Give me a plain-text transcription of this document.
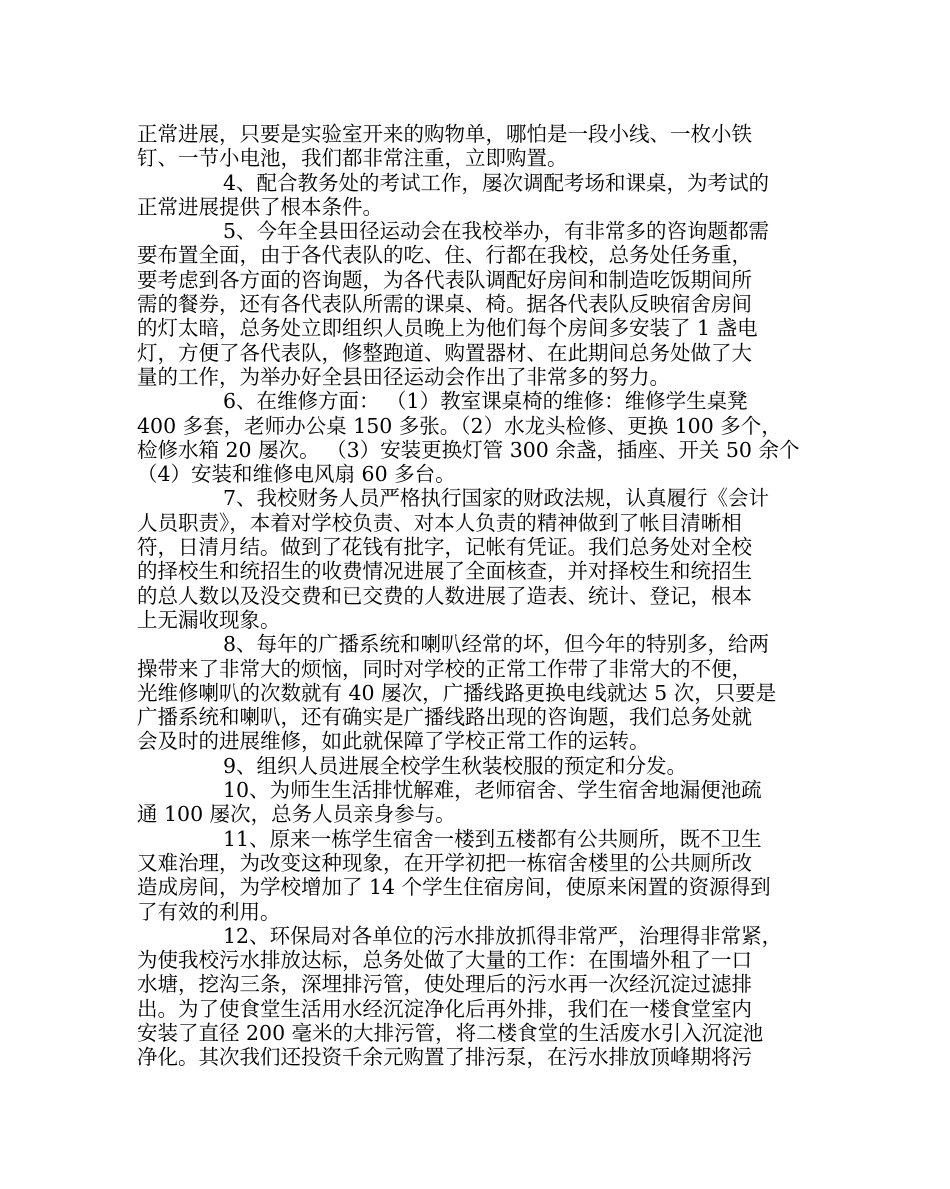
正常进展，只要是实验室开来的购物单，哪怕是一段小线、一枚小铁
钉、一节小电池，我们都非常注重，立即购置。
4、配合教务处的考试工作，屡次调配考场和课桌，为考试的
正常进展提供了根本条件。
5、今年全县田径运动会在我校举办，有非常多的咨询题都需
要布置全面，由于各代表队的吃、住、行都在我校，总务处任务重，
要考虑到各方面的咨询题，为各代表队调配好房间和制造吃饭期间所
需的餐券，还有各代表队所需的课桌、椅。据各代表队反映宿舍房间
的灯太暗，总务处立即组织人员晚上为他们每个房间多安装了 1 盏电
灯，方便了各代表队，修整跑道、购置器材、在此期间总务处做了大
量的工作，为举办好全县田径运动会作出了非常多的努力。
6、在维修方面： （1）教室课桌椅的维修：维修学生桌凳
400 多套，老师办公桌 150 多张。（2）水龙头检修、更换 100 多个，
检修水箱 20 屡次。 （3）安装更换灯管 300 余盏，插座、开关 50 余个
（4）安装和维修电风扇 60 多台。
7、我校财务人员严格执行国家的财政法规，认真履行《会计
人员职责》，本着对学校负责、对本人负责的精神做到了帐目清晰相
符，日清月结。做到了花钱有批字，记帐有凭证。我们总务处对全校
的择校生和统招生的收费情况进展了全面核查，并对择校生和统招生
的总人数以及没交费和已交费的人数进展了造表、统计、登记，根本
上无漏收现象。
8、每年的广播系统和喇叭经常的坏，但今年的特别多，给两
操带来了非常大的烦恼，同时对学校的正常工作带了非常大的不便，
光维修喇叭的次数就有 40 屡次，广播线路更换电线就达 5 次，只要是
广播系统和喇叭，还有确实是广播线路出现的咨询题，我们总务处就
会及时的进展维修，如此就保障了学校正常工作的运转。
9、组织人员进展全校学生秋装校服的预定和分发。
10、为师生生活排忧解难，老师宿舍、学生宿舍地漏便池疏
通 100 屡次，总务人员亲身参与。
11、原来一栋学生宿舍一楼到五楼都有公共厕所，既不卫生
又难治理，为改变这种现象，在开学初把一栋宿舍楼里的公共厕所改
造成房间，为学校增加了 14 个学生住宿房间，使原来闲置的资源得到
了有效的利用。
12、环保局对各单位的污水排放抓得非常严，治理得非常紧，
为使我校污水排放达标，总务处做了大量的工作：在围墙外租了一口
水塘，挖沟三条，深埋排污管，使处理后的污水再一次经沉淀过滤排
出。为了使食堂生活用水经沉淀净化后再外排，我们在一楼食堂室内
安装了直径 200 毫米的大排污管，将二楼食堂的生活废水引入沉淀池
净化。其次我们还投资千余元购置了排污泵，在污水排放顶峰期将污
